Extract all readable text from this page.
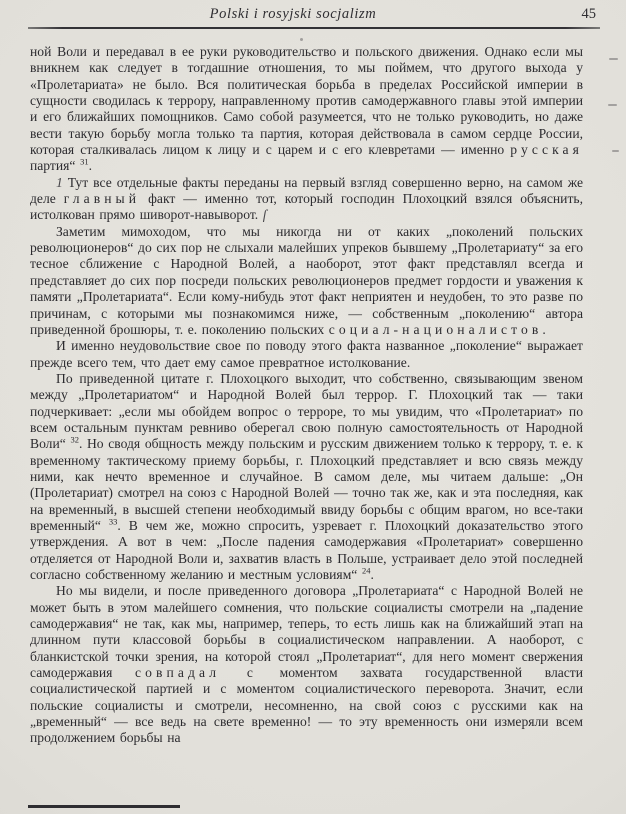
Polski i rosyjski socjalizm	45

ной Воли и передавал в ее руки руководительство и польского движения. Однако если мы вникнем как следует в тогдашние отношения, то мы поймем, что другого выхода у «Пролетариата» не было. Вся политическая борьба в пределах Российской империи в сущности сводилась к террору, направленному против самодержавного главы этой империи и его ближайших помощников. Само собой разумеется, что не только руководить, но даже вести такую борьбу могла только та партия, которая действовала в самом сердце России, которая сталкивалась лицом к лицу и с царем и с его клевретами — именно русская партия“ $^{31}$.

1 Тут все отдельные факты переданы на первый взгляд совершенно верно, на самом же деле главный факт — именно тот, который господин Плохоцкий взялся объяснить, истолкован прямо шиворот-навыворот. ſ

Заметим мимоходом, что мы никогда ни от каких „поколений польских революционеров“ до сих пор не слыхали малейших упреков бывшему „Пролетариату“ за его тесное сближение с Народной Волей, а наоборот, этот факт представлял всегда и представляет до сих пор посреди польских революционеров предмет гордости и уважения к памяти „Пролетариата“. Если кому-нибудь этот факт неприятен и неудобен, то это разве по причинам, с которыми мы познакомимся ниже, — собственным „поколению“ автора приведенной брошюры, т. е. поколению польских социал-националистов.

И именно неудовольствие свое по поводу этого факта названное „поколение“ выражает прежде всего тем, что дает ему самое превратное истолкование.

По приведенной цитате г. Плохоцкого выходит, что собственно, связывающим звеном между „Пролетариатом“ и Народной Волей был террор. Г. Плохоцкий так — таки подчеркивает: „если мы обойдем вопрос о терроре, то мы увидим, что «Пролетариат» по всем остальным пунктам ревниво оберегал свою полную самостоятельность от Народной Воли“ $^{32}$. Но сводя общность между польским и русским движением только к террору, т. е. к временному тактическому приему борьбы, г. Плохоцкий представляет и всю связь между ними, как нечто временное и случайное. В самом деле, мы читаем дальше: „Он (Пролетариат) смотрел на союз с Народной Волей — точно так же, как и эта последняя, как на временный, в высшей степени необходимый ввиду борьбы с общим врагом, но все-таки временный“ $^{33}$. В чем же, можно спросить, узревает г. Плохоцкий доказательство этого утверждения. А вот в чем: „После падения самодержавия «Пролетариат» совершенно отделяется от Народной Воли и, захватив власть в Польше, устраивает дело этой последней согласно собственному желанию и местным условиям“ $^{24}$.

Но мы видели, и после приведенного договора „Пролетариата“ с Народной Волей не может быть в этом малейшего сомнения, что польские социалисты смотрели на „падение самодержавия“ не так, как мы, например, теперь, то есть лишь как на ближайший этап на длинном пути классовой борьбы в социалистическом направлении. А наоборот, с бланкистской точки зрения, на которой стоял „Пролетариат“, для него момент свержения самодержавия совпадал с моментом захвата государственной власти социалистической партией и с моментом социалистического переворота. Значит, если польские социалисты и смотрели, несомненно, на свой союз с русскими как на „временный“ — все ведь на свете временно! — то эту временность они измеряли всем продолжением борьбы на
